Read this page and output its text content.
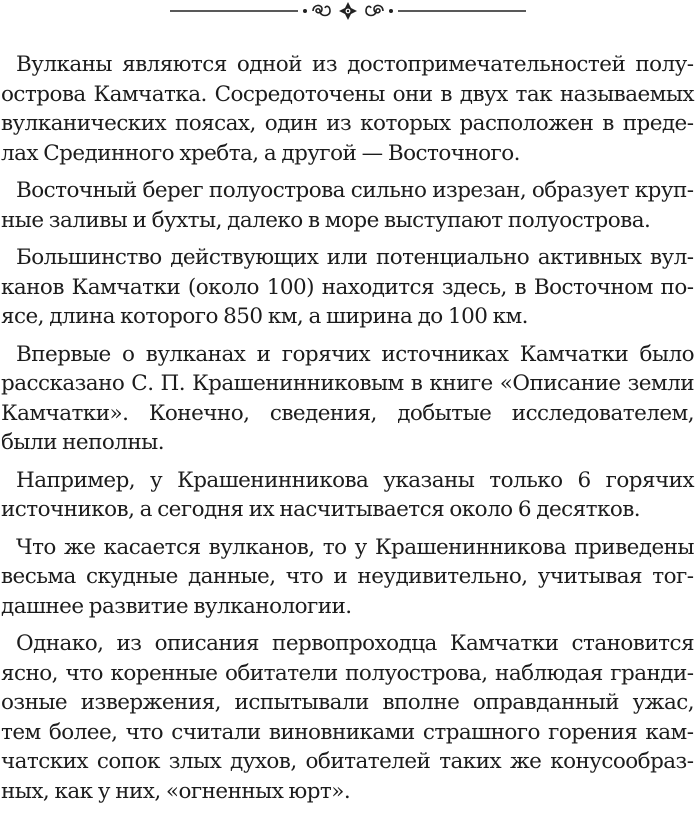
Вулканы являются одной из достопримечательностей полуострова Камчатка. Сосредоточены они в двух так называемых вулканических поясах, один из которых расположен в пределах Срединного хребта, а другой — Восточного.

Восточный берег полуострова сильно изрезан, образует крупные заливы и бухты, далеко в море выступают полуострова.

Большинство действующих или потенциально активных вулканов Камчатки (около 100) находится здесь, в Восточном поясе, длина которого 850 км, а ширина до 100 км.

Впервые о вулканах и горячих источниках Камчатки было рассказано С. П. Крашенинниковым в книге «Описание земли Камчатки». Конечно, сведения, добытые исследователем, были неполны.

Например, у Крашенинникова указаны только 6 горячих источников, а сегодня их насчитывается около 6 десятков.

Что же касается вулканов, то у Крашенинникова приведены весьма скудные данные, что и неудивительно, учитывая тогдашнее развитие вулканологии.

Однако, из описания первопроходца Камчатки становится ясно, что коренные обитатели полуострова, наблюдая грандиозные извержения, испытывали вполне оправданный ужас, тем более, что считали виновниками страшного горения камчатских сопок злых духов, обитателей таких же конусообразных, как у них, «огненных юрт».
